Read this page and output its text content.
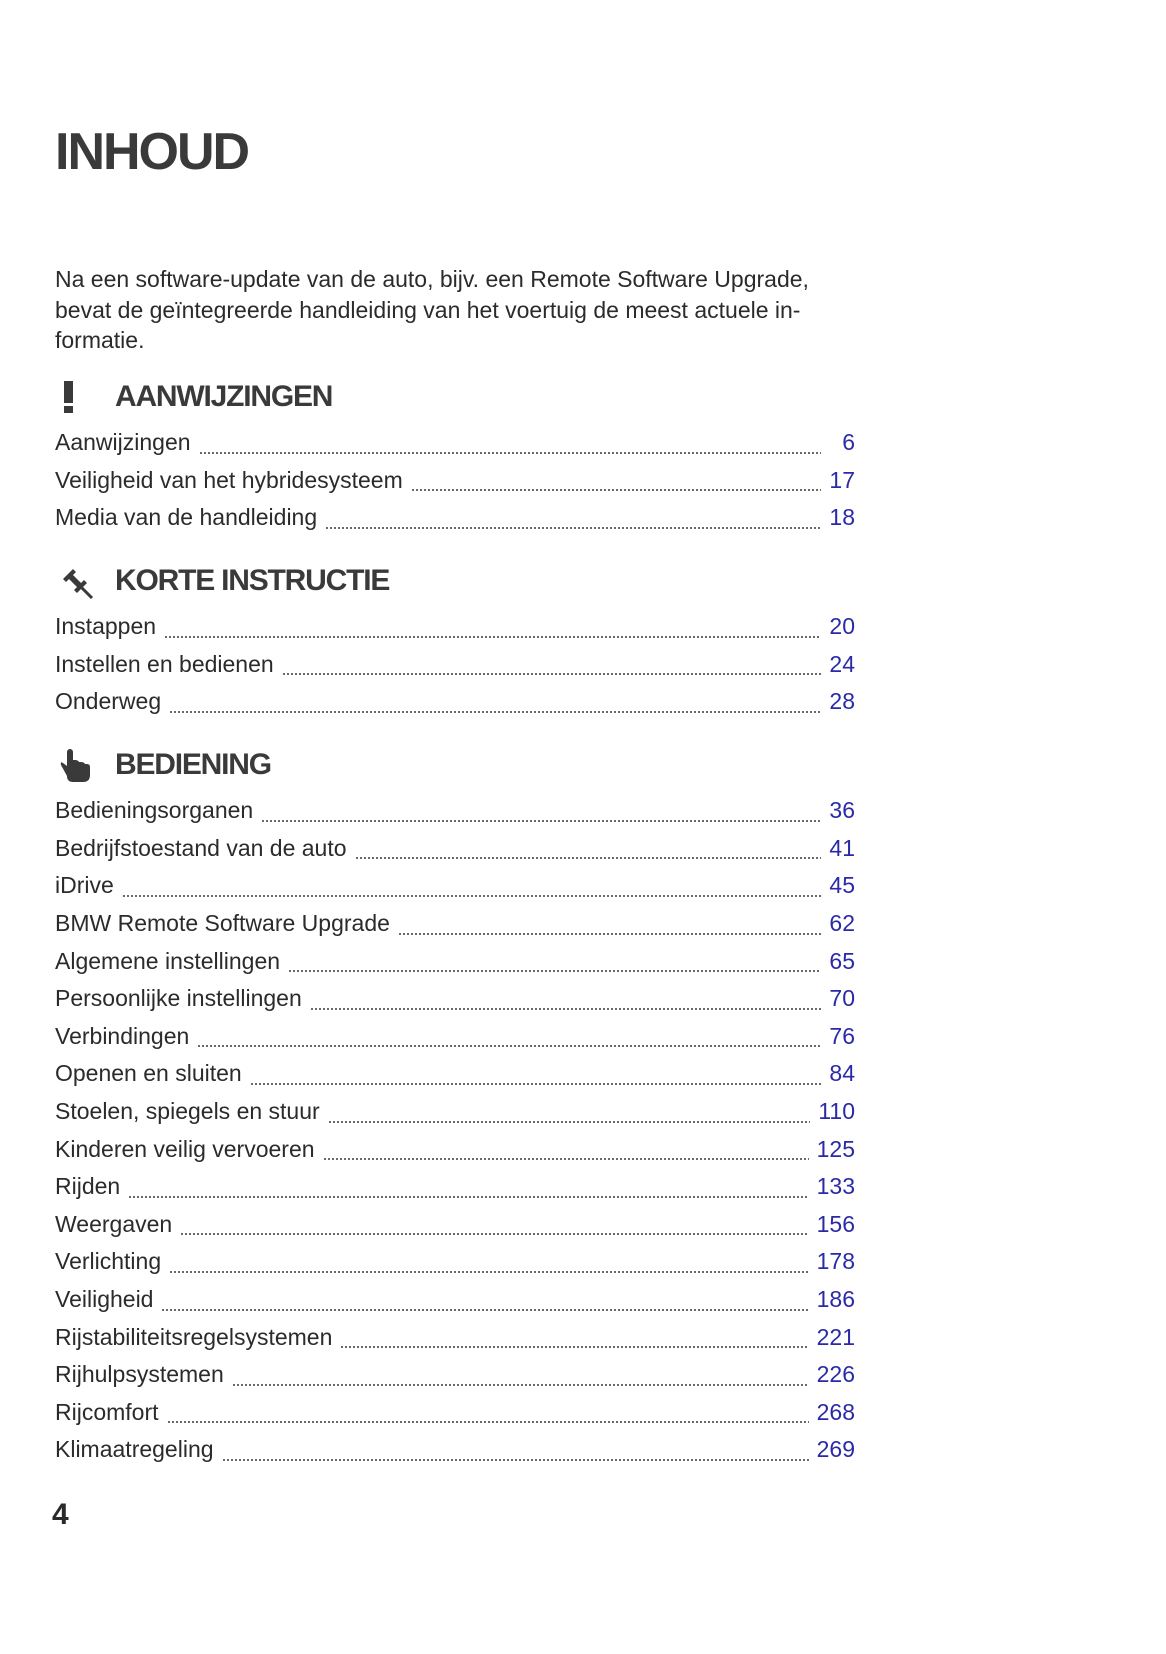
INHOUD

Na een software-update van de auto, bijv. een Remote Software Upgrade, bevat de geïntegreerde handleiding van het voertuig de meest actuele in-formatie.

AANWIJZINGEN
Aanwijzingen	6
Veiligheid van het hybridesysteem	17
Media van de handleiding	18
KORTE INSTRUCTIE
Instappen	20
Instellen en bedienen	24
Onderweg	28
BEDIENING
Bedieningsorganen	36
Bedrijfstoestand van de auto	41
iDrive	45
BMW Remote Software Upgrade	62
Algemene instellingen	65
Persoonlijke instellingen	70
Verbindingen	76
Openen en sluiten	84
Stoelen, spiegels en stuur	110
Kinderen veilig vervoeren	125
Rijden	133
Weergaven	156
Verlichting	178
Veiligheid	186
Rijstabiliteitsregelsystemen	221
Rijhulpsystemen	226
Rijcomfort	268
Klimaatregeling	269

4
